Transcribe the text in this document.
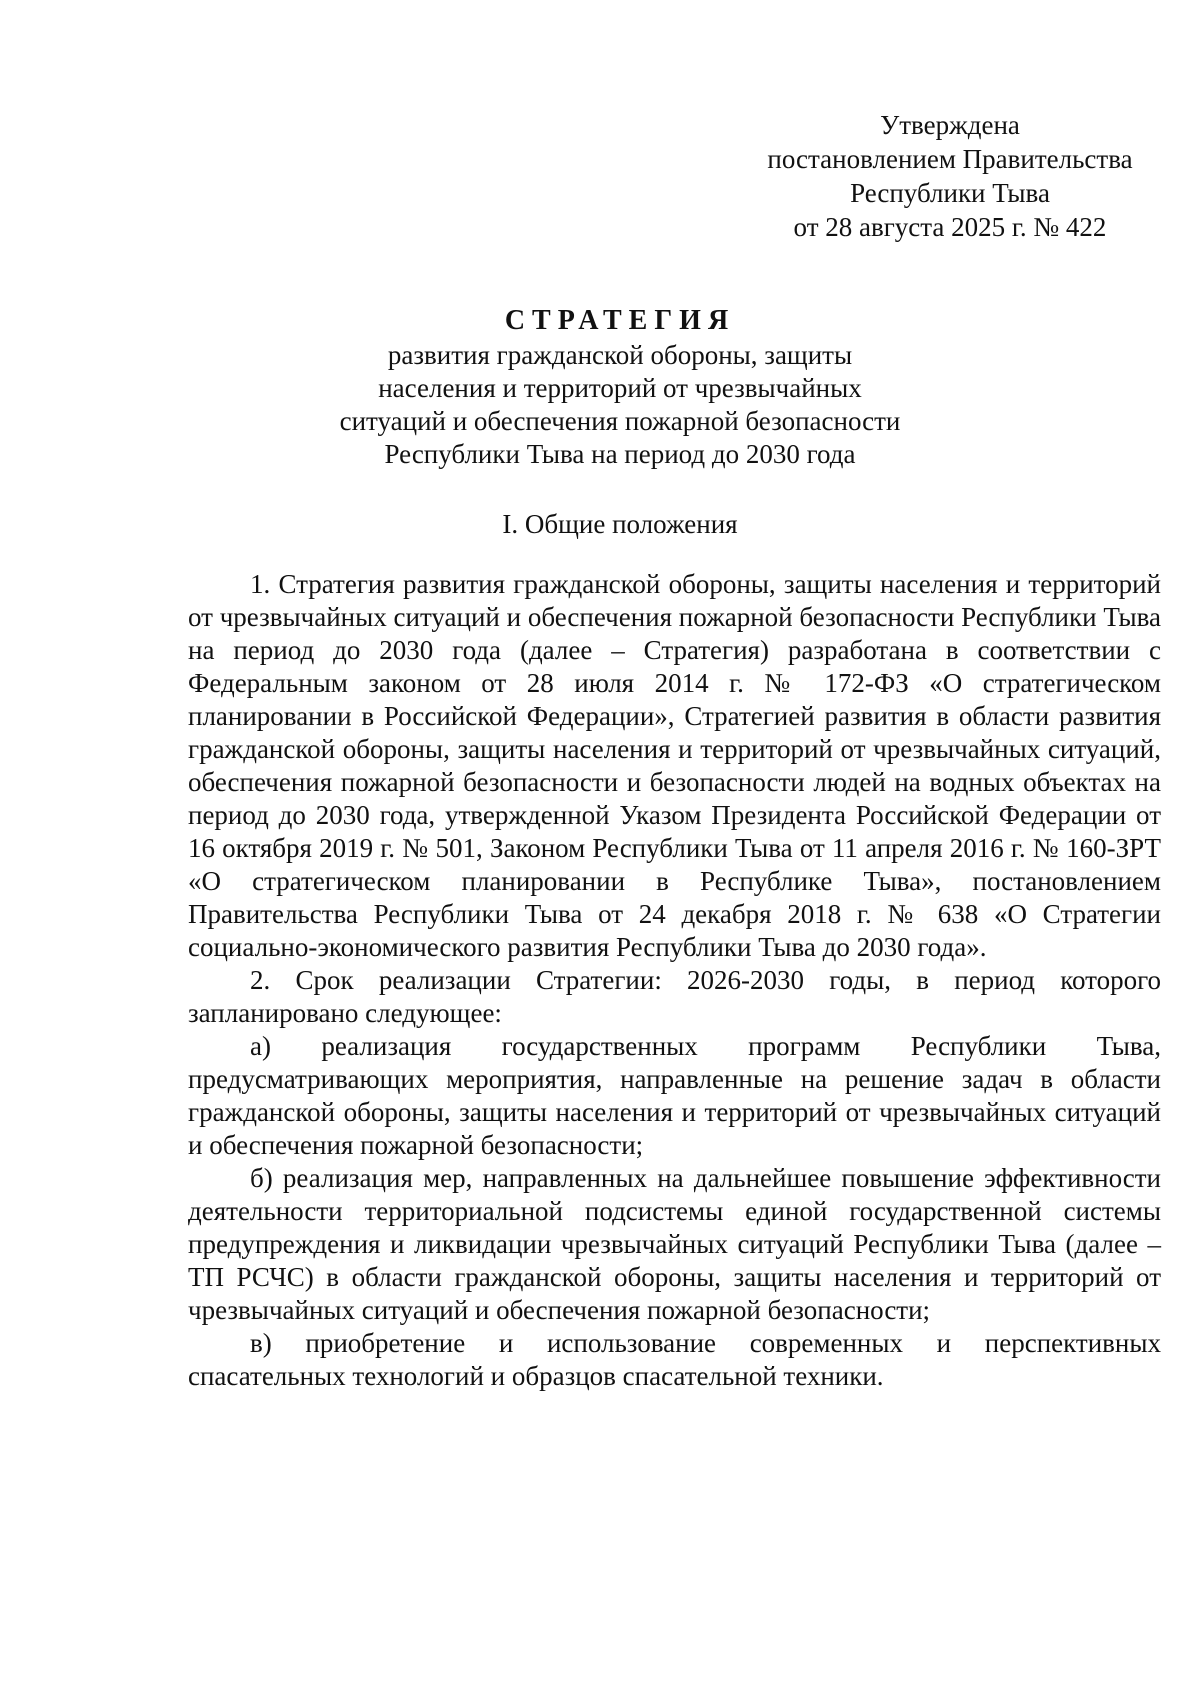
Утверждена
постановлением Правительства
Республики Тыва
от 28 августа 2025 г. № 422
СТРАТЕГИЯ
развития гражданской обороны, защиты
населения и территорий от чрезвычайных
ситуаций и обеспечения пожарной безопасности
Республики Тыва на период до 2030 года
I. Общие положения

1. Стратегия развития гражданской обороны, защиты населения и территорий от чрезвычайных ситуаций и обеспечения пожарной безопасности Республики Тыва на период до 2030 года (далее – Стратегия) разработана в соответствии с Федеральным законом от 28 июля 2014 г. № 172-ФЗ «О стратегическом планировании в Российской Федерации», Стратегией развития в области развития гражданской обороны, защиты населения и территорий от чрезвычайных ситуаций, обеспечения пожарной безопасности и безопасности людей на водных объектах на период до 2030 года, утвержденной Указом Президента Российской Федерации от 16 октября 2019 г. № 501, Законом Республики Тыва от 11 апреля 2016 г. № 160-ЗРТ «О стратегическом планировании в Республике Тыва», постановлением Правительства Республики Тыва от 24 декабря 2018 г. № 638 «О Стратегии социально-экономического развития Республики Тыва до 2030 года».

2. Срок реализации Стратегии: 2026-2030 годы, в период которого запланировано следующее:

а) реализация государственных программ Республики Тыва, предусматривающих мероприятия, направленные на решение задач в области гражданской обороны, защиты населения и территорий от чрезвычайных ситуаций и обеспечения пожарной безопасности;

б) реализация мер, направленных на дальнейшее повышение эффективности деятельности территориальной подсистемы единой государственной системы предупреждения и ликвидации чрезвычайных ситуаций Республики Тыва (далее – ТП РСЧС) в области гражданской обороны, защиты населения и территорий от чрезвычайных ситуаций и обеспечения пожарной безопасности;

в) приобретение и использование современных и перспективных спасательных технологий и образцов спасательной техники.
